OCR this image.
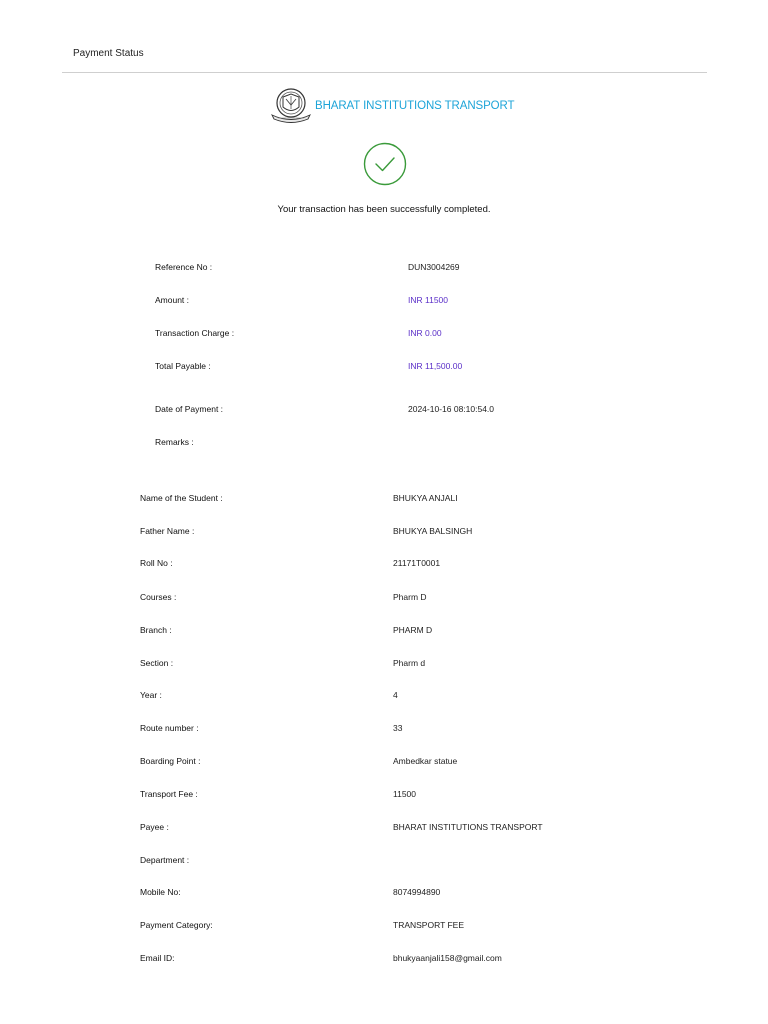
Payment Status
BHARAT INSTITUTIONS TRANSPORT
Your transaction has been successfully completed.
Reference No :	DUN3004269
Amount :	INR 11500
Transaction Charge :	INR 0.00
Total Payable :	INR 11,500.00
Date of Payment :	2024-10-16 08:10:54.0
Remarks :
Name of the Student :	BHUKYA ANJALI
Father Name :	BHUKYA BALSINGH
Roll No :	21171T0001
Courses :	Pharm D
Branch :	PHARM D
Section :	Pharm d
Year :	4
Route number :	33
Boarding Point :	Ambedkar statue
Transport Fee :	11500
Payee :	BHARAT INSTITUTIONS TRANSPORT
Department :
Mobile No:	8074994890
Payment Category:	TRANSPORT FEE
Email ID:	bhukyaanjali158@gmail.com
